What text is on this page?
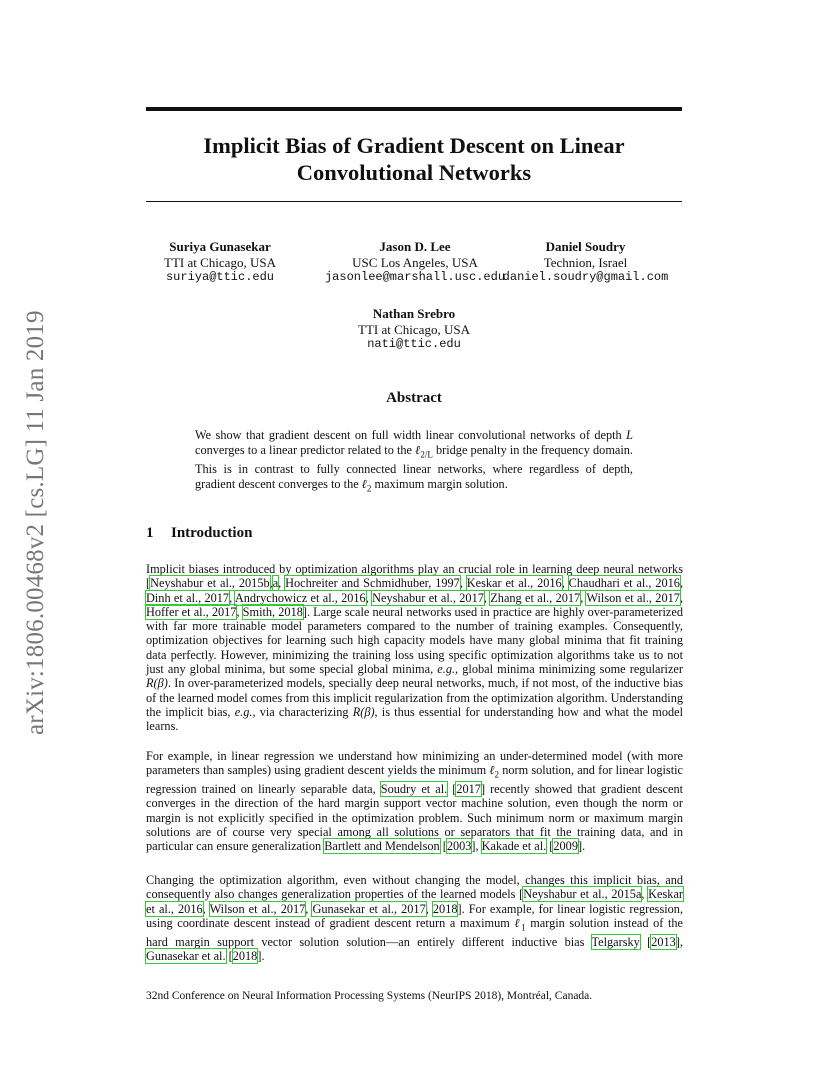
arXiv:1806.00468v2 [cs.LG] 11 Jan 2019
Implicit Bias of Gradient Descent on Linear Convolutional Networks
Suriya Gunasekar
TTI at Chicago, USA
suriya@ttic.edu
Jason D. Lee
USC Los Angeles, USA
jasonlee@marshall.usc.edu
Daniel Soudry
Technion, Israel
daniel.soudry@gmail.com
Nathan Srebro
TTI at Chicago, USA
nati@ttic.edu
Abstract
We show that gradient descent on full width linear convolutional networks of depth L converges to a linear predictor related to the ℓ$_{2/L}$ bridge penalty in the frequency domain. This is in contrast to fully connected linear networks, where regardless of depth, gradient descent converges to the ℓ$_2$ maximum margin solution.
1 Introduction
Implicit biases introduced by optimization algorithms play an crucial role in learning deep neural networks [Neyshabur et al., 2015b,a, Hochreiter and Schmidhuber, 1997, Keskar et al., 2016, Chaudhari et al., 2016, Dinh et al., 2017, Andrychowicz et al., 2016, Neyshabur et al., 2017, Zhang et al., 2017, Wilson et al., 2017, Hoffer et al., 2017, Smith, 2018]. Large scale neural networks used in practice are highly over-parameterized with far more trainable model parameters compared to the number of training examples. Consequently, optimization objectives for learning such high capacity models have many global minima that fit training data perfectly. However, minimizing the training loss using specific optimization algorithms take us to not just any global minima, but some special global minima, e.g., global minima minimizing some regularizer R(β). In over-parameterized models, specially deep neural networks, much, if not most, of the inductive bias of the learned model comes from this implicit regularization from the optimization algorithm. Understanding the implicit bias, e.g., via characterizing R(β), is thus essential for understanding how and what the model learns.
For example, in linear regression we understand how minimizing an under-determined model (with more parameters than samples) using gradient descent yields the minimum ℓ$_2$ norm solution, and for linear logistic regression trained on linearly separable data, Soudry et al. [2017] recently showed that gradient descent converges in the direction of the hard margin support vector machine solution, even though the norm or margin is not explicitly specified in the optimization problem. Such minimum norm or maximum margin solutions are of course very special among all solutions or separators that fit the training data, and in particular can ensure generalization Bartlett and Mendelson [2003], Kakade et al. [2009].
Changing the optimization algorithm, even without changing the model, changes this implicit bias, and consequently also changes generalization properties of the learned models [Neyshabur et al., 2015a, Keskar et al., 2016, Wilson et al., 2017, Gunasekar et al., 2017, 2018]. For example, for linear logistic regression, using coordinate descent instead of gradient descent return a maximum ℓ$_1$ margin solution instead of the hard margin support vector solution solution—an entirely different inductive bias Telgarsky [2013], Gunasekar et al. [2018].
32nd Conference on Neural Information Processing Systems (NeurIPS 2018), Montréal, Canada.
